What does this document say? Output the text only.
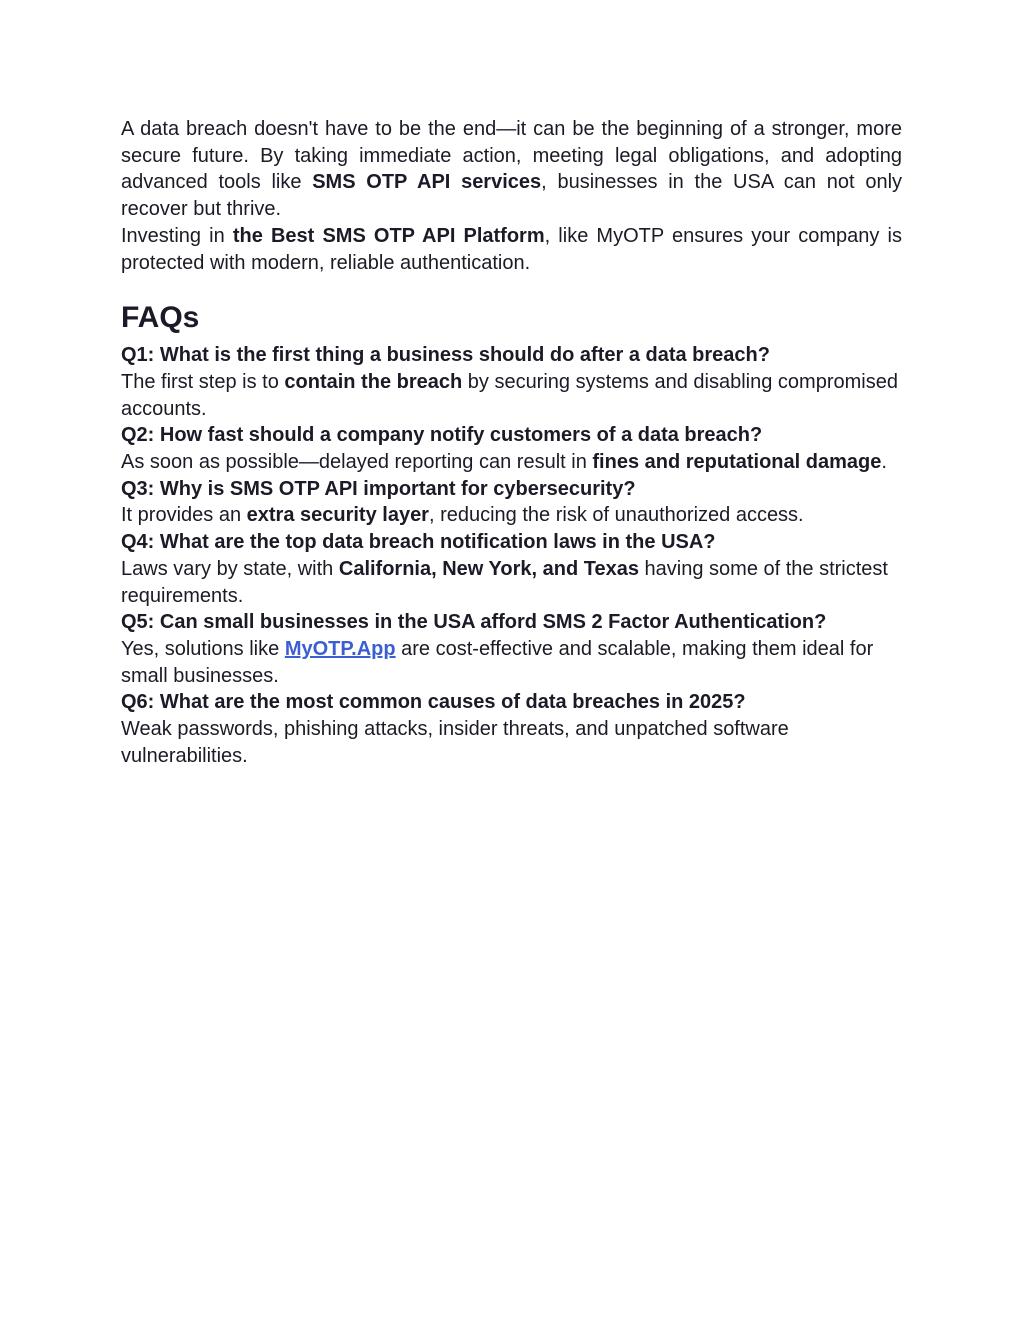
A data breach doesn't have to be the end—it can be the beginning of a stronger, more secure future. By taking immediate action, meeting legal obligations, and adopting advanced tools like SMS OTP API services, businesses in the USA can not only recover but thrive.

Investing in the Best SMS OTP API Platform, like MyOTP ensures your company is protected with modern, reliable authentication.

FAQs

Q1: What is the first thing a business should do after a data breach?

The first step is to contain the breach by securing systems and disabling compromised accounts.

Q2: How fast should a company notify customers of a data breach?

As soon as possible—delayed reporting can result in fines and reputational damage.

Q3: Why is SMS OTP API important for cybersecurity?

It provides an extra security layer, reducing the risk of unauthorized access.

Q4: What are the top data breach notification laws in the USA?

Laws vary by state, with California, New York, and Texas having some of the strictest requirements.

Q5: Can small businesses in the USA afford SMS 2 Factor Authentication?

Yes, solutions like MyOTP.App are cost-effective and scalable, making them ideal for small businesses.

Q6: What are the most common causes of data breaches in 2025?

Weak passwords, phishing attacks, insider threats, and unpatched software vulnerabilities.
